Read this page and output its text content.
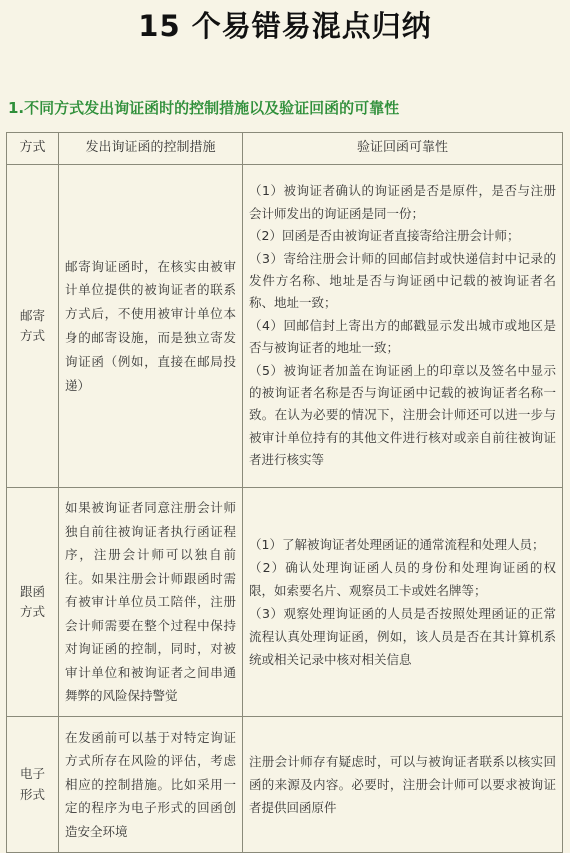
15 个易错易混点归纳
1.不同方式发出询证函时的控制措施以及验证回函的可靠性
方式	发出询证函的控制措施	验证回函可靠性

邮寄
方式	邮寄询证函时，在核实由被审计单位提供的被询证者的联系方式后，不使用被审计单位本身的邮寄设施，而是独立寄发询证函（例如，直接在邮局投递）	（1）被询证者确认的询证函是否是原件，是否与注册会计师发出的询证函是同一份；
（2）回函是否由被询证者直接寄给注册会计师；
（3）寄给注册会计师的回邮信封或快递信封中记录的发件方名称、地址是否与询证函中记载的被询证者名称、地址一致；
（4）回邮信封上寄出方的邮戳显示发出城市或地区是否与被询证者的地址一致；
（5）被询证者加盖在询证函上的印章以及签名中显示的被询证者名称是否与询证函中记载的被询证者名称一致。在认为必要的情况下，注册会计师还可以进一步与被审计单位持有的其他文件进行核对或亲自前往被询证者进行核实等

跟函
方式	如果被询证者同意注册会计师独自前往被询证者执行函证程序，注册会计师可以独自前往。如果注册会计师跟函时需有被审计单位员工陪伴，注册会计师需要在整个过程中保持对询证函的控制，同时，对被审计单位和被询证者之间串通舞弊的风险保持警觉	（1）了解被询证者处理函证的通常流程和处理人员；
（2）确认处理询证函人员的身份和处理询证函的权限，如索要名片、观察员工卡或姓名牌等；
（3）观察处理询证函的人员是否按照处理函证的正常流程认真处理询证函，例如，该人员是否在其计算机系统或相关记录中核对相关信息

电子
形式	在发函前可以基于对特定询证方式所存在风险的评估，考虑相应的控制措施。比如采用一定的程序为电子形式的回函创造安全环境	注册会计师存有疑虑时，可以与被询证者联系以核实回函的来源及内容。必要时，注册会计师可以要求被询证者提供回函原件
